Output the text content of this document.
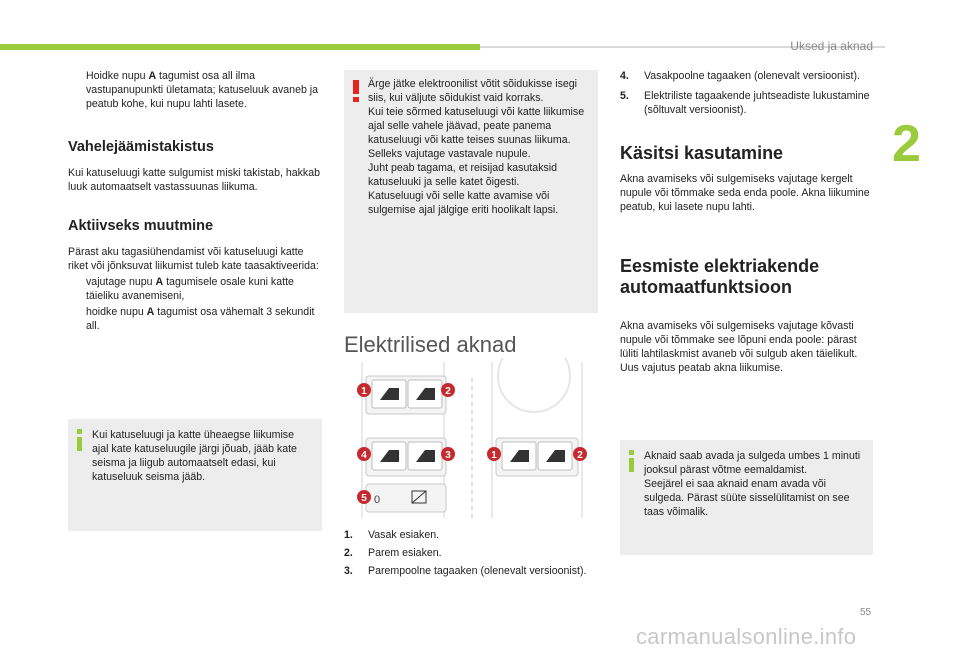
Uksed ja aknad
2
Hoidke nupu A tagumist osa all ilma vastupanupunkti ületamata; katuseluuk avaneb ja peatub kohe, kui nupu lahti lasete.
Vahelejäämistakistus

Kui katuseluugi katte sulgumist miski takistab, hakkab luuk automaatselt vastassuunas liikuma.

Aktiivseks muutmine

Pärast aku tagasiühendamist või katuseluugi katte riket või jõnksuvat liikumist tuleb kate taasaktiveerida:

vajutage nupu A tagumisele osale kuni katte täieliku avanemiseni,
hoidke nupu A tagumist osa vähemalt 3 sekundit all.
Kui katuseluugi ja katte üheaegse liikumise ajal kate katuseluugile järgi jõuab, jääb kate seisma ja liigub automaatselt edasi, kui katuseluuk seisma jääb.
Ärge jätke elektroonilist võtit sõidukisse isegi siis, kui väljute sõidukist vaid korraks.
Kui teie sõrmed katuseluugi või katte liikumise ajal selle vahele jäävad, peate panema katuseluugi või katte teises suunas liikuma. Selleks vajutage vastavale nupule.
Juht peab tagama, et reisijad kasutaksid katuseluuki ja selle katet õigesti.
Katuseluugi või selle katte avamise või sulgemise ajal jälgige eriti hoolikalt lapsi.
Elektrilised aknad
0
1	2
4	3
5
1	2
1.	Vasak esiaken.
2.	Parem esiaken.
3.	Parempoolne tagaaken (olenevalt versioonist).
4.	Vasakpoolne tagaaken (olenevalt versioonist).
5.	Elektriliste tagaakende juhtseadiste lukustamine (sõltuvalt versioonist).
Käsitsi kasutamine

Akna avamiseks või sulgemiseks vajutage kergelt nupule või tõmmake seda enda poole. Akna liikumine peatub, kui lasete nupu lahti.

Eesmiste elektriakende
automaatfunktsioon

Akna avamiseks või sulgemiseks vajutage kõvasti nupule või tõmmake see lõpuni enda poole: pärast lüliti lahtilaskmist avaneb või sulgub aken täielikult. Uus vajutus peatab akna liikumise.

Aknaid saab avada ja sulgeda umbes 1 minuti jooksul pärast võtme eemaldamist.
Seejärel ei saa aknaid enam avada või sulgeda. Pärast süüte sisselülitamist on see taas võimalik.
55
carmanualsonline.info
